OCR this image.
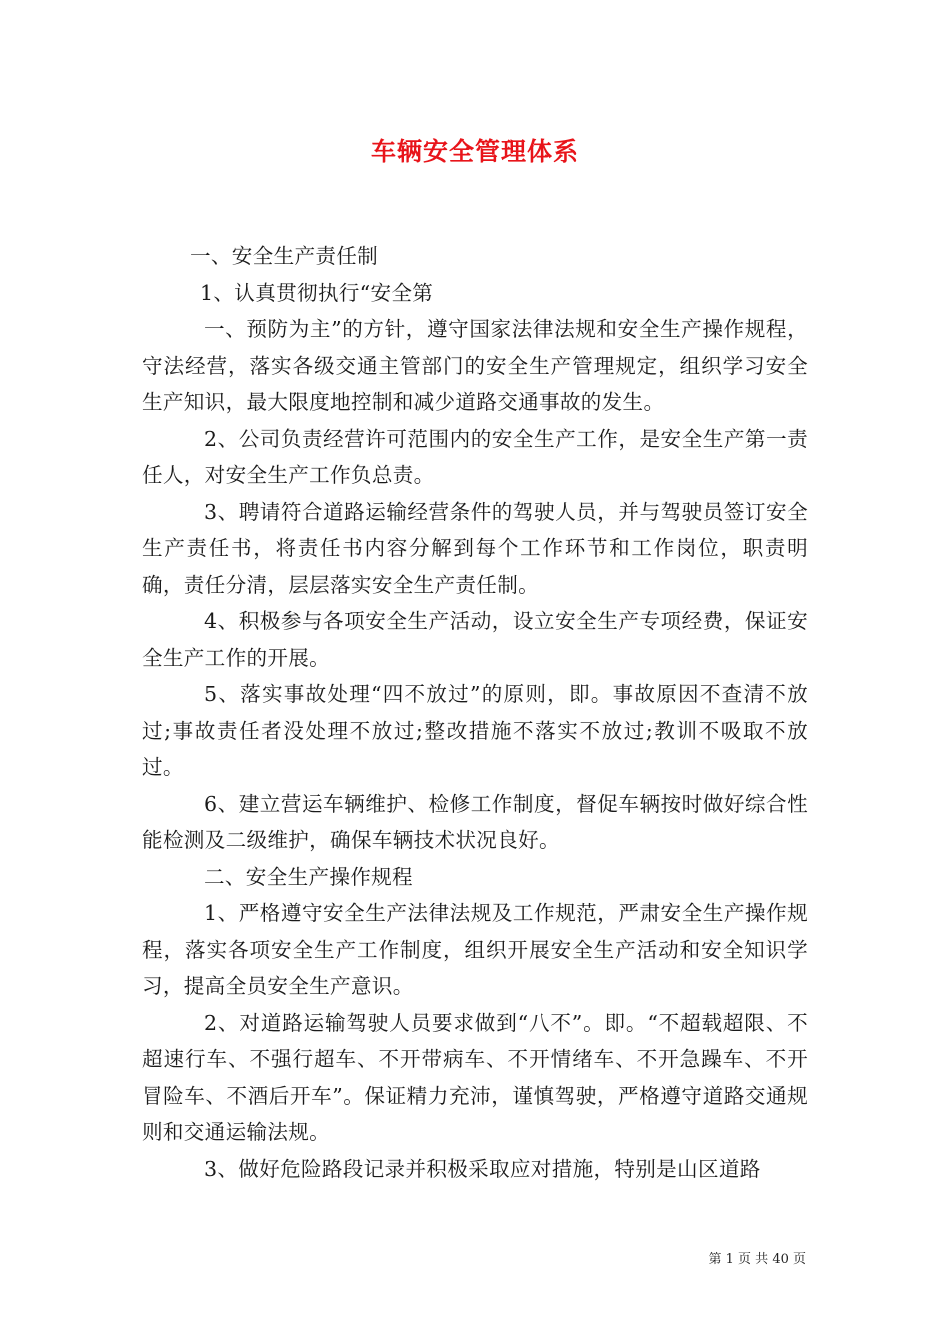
车辆安全管理体系

一、安全生产责任制

1、认真贯彻执行“安全第

一、预防为主”的方针，遵守国家法律法规和安全生产操作规程，守法经营，落实各级交通主管部门的安全生产管理规定，组织学习安全生产知识，最大限度地控制和减少道路交通事故的发生。

2、公司负责经营许可范围内的安全生产工作，是安全生产第一责任人，对安全生产工作负总责。

3、聘请符合道路运输经营条件的驾驶人员，并与驾驶员签订安全生产责任书，将责任书内容分解到每个工作环节和工作岗位，职责明确，责任分清，层层落实安全生产责任制。

4、积极参与各项安全生产活动，设立安全生产专项经费，保证安全生产工作的开展。

5、落实事故处理“四不放过”的原则，即。事故原因不查清不放过;事故责任者没处理不放过;整改措施不落实不放过;教训不吸取不放过。

6、建立营运车辆维护、检修工作制度，督促车辆按时做好综合性能检测及二级维护，确保车辆技术状况良好。

二、安全生产操作规程

1、严格遵守安全生产法律法规及工作规范，严肃安全生产操作规程，落实各项安全生产工作制度，组织开展安全生产活动和安全知识学习，提高全员安全生产意识。

2、对道路运输驾驶人员要求做到“八不”。即。“不超载超限、不超速行车、不强行超车、不开带病车、不开情绪车、不开急躁车、不开冒险车、不酒后开车”。保证精力充沛，谨慎驾驶，严格遵守道路交通规则和交通运输法规。

3、做好危险路段记录并积极采取应对措施，特别是山区道路

第 1 页 共 40 页
